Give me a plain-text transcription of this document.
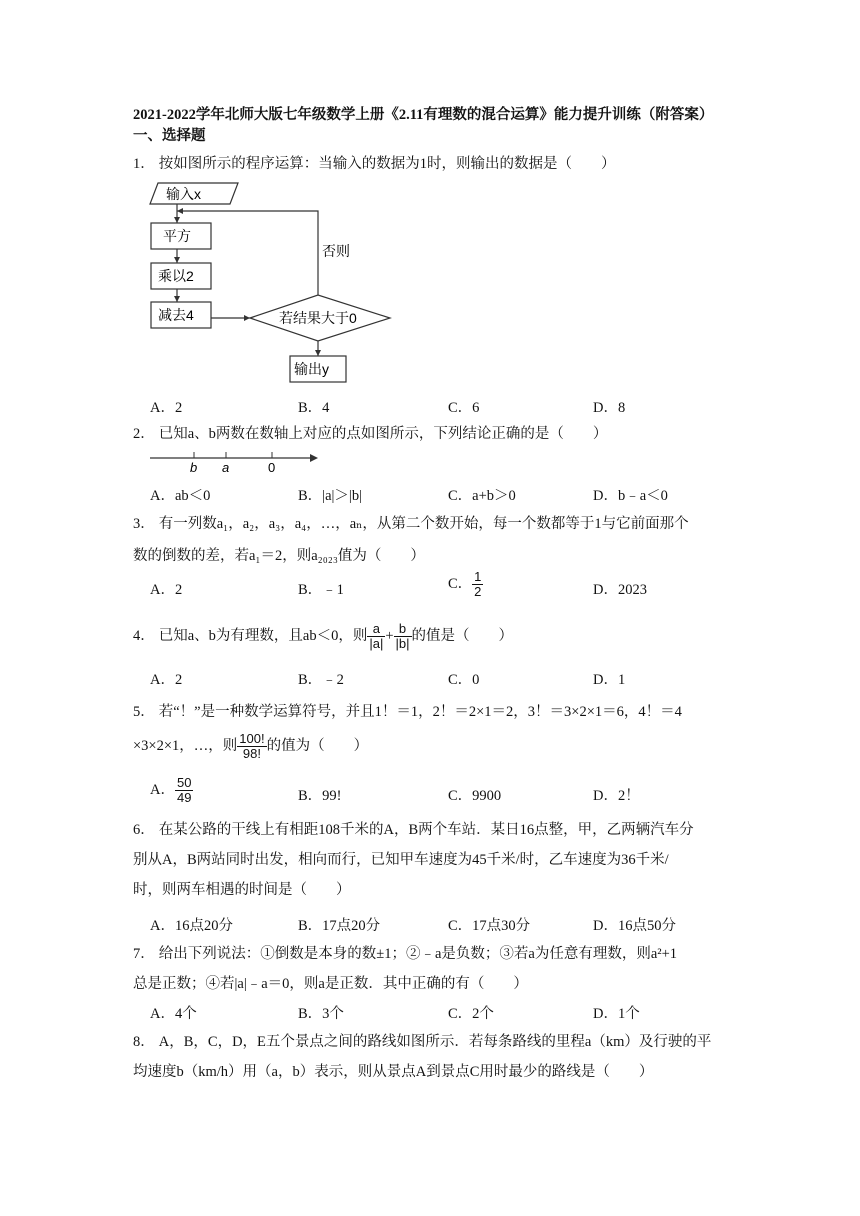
2021-2022学年北师大版七年级数学上册《2.11有理数的混合运算》能力提升训练（附答案）
一、选择题
1． 按如图所示的程序运算：当输入的数据为1时，则输出的数据是（　　）
输入x
平方
乘以2
减去4	若结果大于0
否则
输出y
A．2	B．4	C．6	D．8
2． 已知a、b两数在数轴上对应的点如图所示，下列结论正确的是（　　）
b a	0
A．ab＜0	B．|a|＞|b|	C．a+b＞0	D．b﹣a＜0
3． 有一列数a₁，a₂，a₃，a₄，…，aₙ，从第二个数开始，每一个数都等于1与它前面那个
数的倒数的差，若a₁＝2，则a₂₀₂₃值为（　　）
A．2	B．﹣1	C． $\frac{1}{2}$	D．2023
4． 已知a、b为有理数，且ab＜0，则 $\frac{a}{|a|} + \frac{b}{|b|}$ 的值是（　　）
A．2	B．﹣2	C．0	D．1
5． 若“！”是一种数学运算符号，并且1！＝1，2！＝2×1＝2，3！＝3×2×1＝6，4！＝4
×3×2×1，…，则 $\frac{100!}{98!}$ 的值为（　　）
A． $\frac{50}{49}$	B．99!	C．9900	D．2！
6． 在某公路的干线上有相距108千米的A，B两个车站．某日16点整，甲，乙两辆汽车分
别从A，B两站同时出发，相向而行，已知甲车速度为45千米/时，乙车速度为36千米/
时，则两车相遇的时间是（　　）
A．16点20分	B．17点20分	C．17点30分	D．16点50分
7． 给出下列说法：①倒数是本身的数±1；②﹣a是负数；③若a为任意有理数，则a²+1
总是正数；④若|a|﹣a＝0，则a是正数．其中正确的有（　　）
A．4个	B．3个	C．2个	D．1个
8． A，B，C，D，E五个景点之间的路线如图所示．若每条路线的里程a（km）及行驶的平
均速度b（km/h）用（a，b）表示，则从景点A到景点C用时最少的路线是（　　）
